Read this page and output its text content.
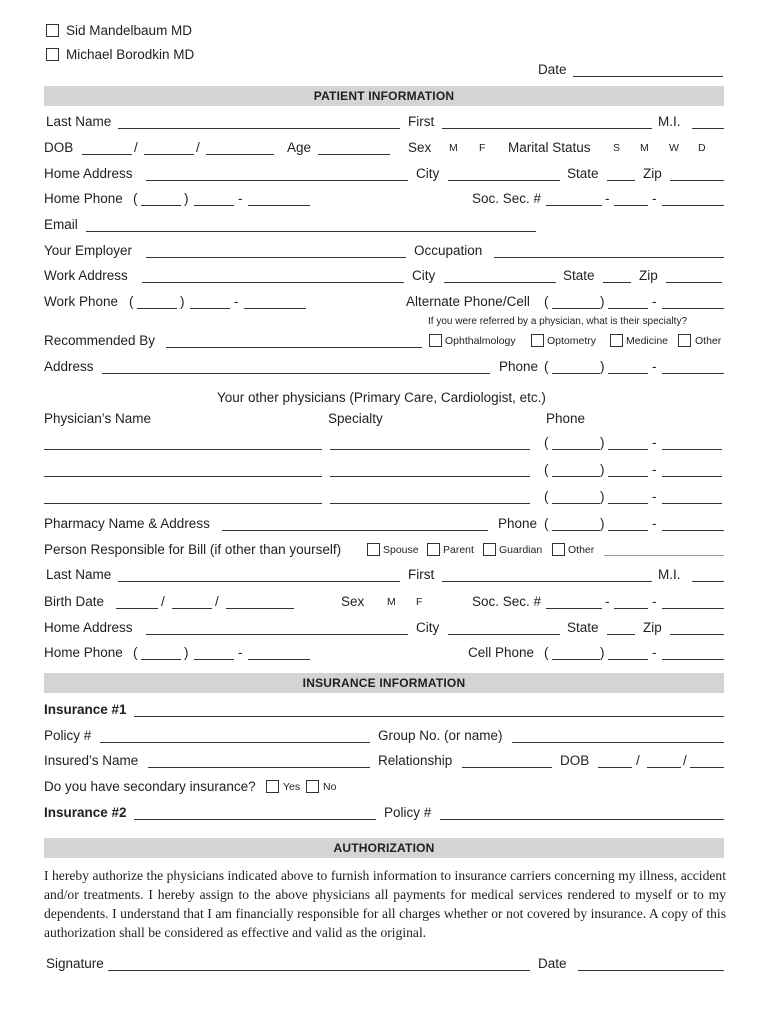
Sid Mandelbaum MD
Michael Borodkin MD
Date
PATIENT INFORMATION
Last Name	First	M.I.
DOB	/	/	Age	Sex M F Marital Status S M W D
Home Address	City	State	Zip
Home Phone (	)	-	Soc. Sec. #	-	-
Email
Your Employer	Occupation
Work Address	City	State	Zip
Work Phone (	)	-	Alternate Phone/Cell (	)	-
If you were referred by a physician, what is their specialty?
Recommended By	Ophthalmology	Optometry	Medicine	Other
Address	Phone (	)	-
Your other physicians (Primary Care, Cardiologist, etc.)
Physician’s Name	Specialty	Phone
(	)	-
(	)	-
(	)	-
Pharmacy Name & Address	Phone (	)	-
Person Responsible for Bill (if other than yourself)	Spouse Parent Guardian Other
Last Name	First	M.I.
Birth Date	/	/	Sex M F	Soc. Sec. #	-	-
Home Address	City	State	Zip
Home Phone (	)	-	Cell Phone (	)	-
INSURANCE INFORMATION
Insurance #1
Policy #	Group No. (or name)
Insured’s Name	Relationship	DOB	/	/
Do you have secondary insurance?	Yes No
Insurance #2	Policy #
AUTHORIZATION
I hereby authorize the physicians indicated above to furnish information to insurance carriers concerning my illness, accident and/or treatments. I hereby assign to the above physicians all payments for medical services rendered to myself or to my dependents. I understand that I am financially responsible for all charges whether or not covered by insurance. A copy of this authorization shall be considered as effective and valid as the original.
Signature	Date
